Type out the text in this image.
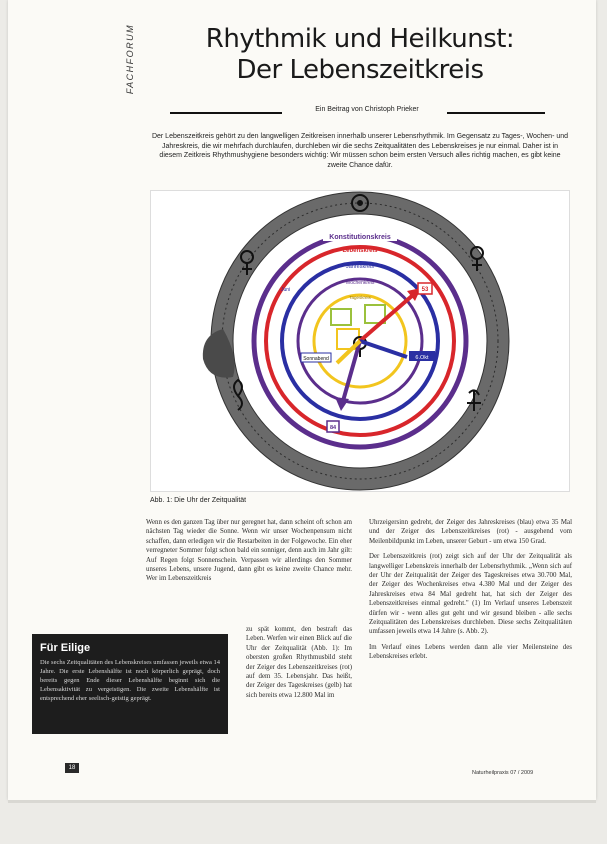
FACHFORUM	Rhythmik und Heilkunst:
Der Lebenszeitkreis
Ein Beitrag von Christoph Prieker
Der Lebenszeitkreis gehört zu den langwelligen Zeitkreisen innerhalb unserer Lebensrhythmik. Im Gegensatz zu Tages-, Wochen- und Jahreskreis, die wir mehrfach durchlaufen, durchleben wir die sechs Zeitqualitäten des Lebenskreises je nur einmal. Daher ist in diesem Zeitkreis Rhythmushygiene besonders wichtig: Wir müssen schon beim ersten Versuch alles richtig machen, es gibt keine zweite Chance dafür.
Konstitutionskreis
Lebenskreis
Jahreskreis
Wochenkreis
Tageskreis
Sonnabend
53
6.Okt
84
Juni
Abb. 1: Die Uhr der Zeitqualität

Wenn es den ganzen Tag über nur geregnet hat, dann scheint oft schon am nächsten Tag wieder die Sonne. Wenn wir unser Wochenpensum nicht schaffen, dann erledigen wir die Restarbeiten in der Folgewoche. Ein eher verregneter Sommer folgt schon bald ein sonniger, denn auch im Jahr gilt: Auf Regen folgt Sonnenschein. Verpassen wir allerdings den Sommer unseres Lebens, unsere Jugend, dann gibt es keine zweite Chance mehr. Wer im Lebenszeitkreis

zu spät kommt, den bestraft das Leben. Werfen wir einen Blick auf die Uhr der Zeitqualität (Abb. 1): Im obersten großen Rhythmusbild steht der Zeiger des Lebenszeitkreises (rot) auf dem 35. Lebensjahr. Das heißt, der Zeiger des Tageskreises (gelb) hat sich bereits etwa 12.800 Mal im

Uhrzeigersinn gedreht, der Zeiger des Jahreskreises (blau) etwa 35 Mal und der Zeiger des Lebenszeitkreises (rot) - ausgehend vom Meilenbildpunkt im Leben, unserer Geburt - um etwa 150 Grad.

Der Lebenszeitkreis (rot) zeigt sich auf der Uhr der Zeitqualität als langwelliger Lebenskreis innerhalb der Lebensrhythmik. „Wenn sich auf der Uhr der Zeitqualität der Zeiger des Tageskreises etwa 30.700 Mal, der Zeiger des Wochenkreises etwa 4.380 Mal und der Zeiger des Jahreskreises etwa 84 Mal gedreht hat, hat sich der Zeiger des Lebenszeitkreises einmal gedreht." (1) Im Verlauf unseres Lebenszeit dürfen wir - wenn alles gut geht und wir gesund bleiben - alle sechs Zeitqualitäten des Lebenskreises durchleben. Diese sechs Zeitqualitäten umfassen jeweils etwa 14 Jahre (s. Abb. 2).

Im Verlauf eines Lebens werden dann alle vier Meilensteine des Lebenskreises erlebt.

Für Eilige

Die sechs Zeitqualitäten des Lebenskreises umfassen jeweils etwa 14 Jahre. Die erste Lebenshälfte ist noch körperlich geprägt, doch bereits gegen Ende dieser Lebenshälfte beginnt sich die Lebensaktivität zu vergeistigen. Die zweite Lebenshälfte ist entsprechend eher seelisch-geistig geprägt.

18
Naturheilpraxis 07 / 2009
